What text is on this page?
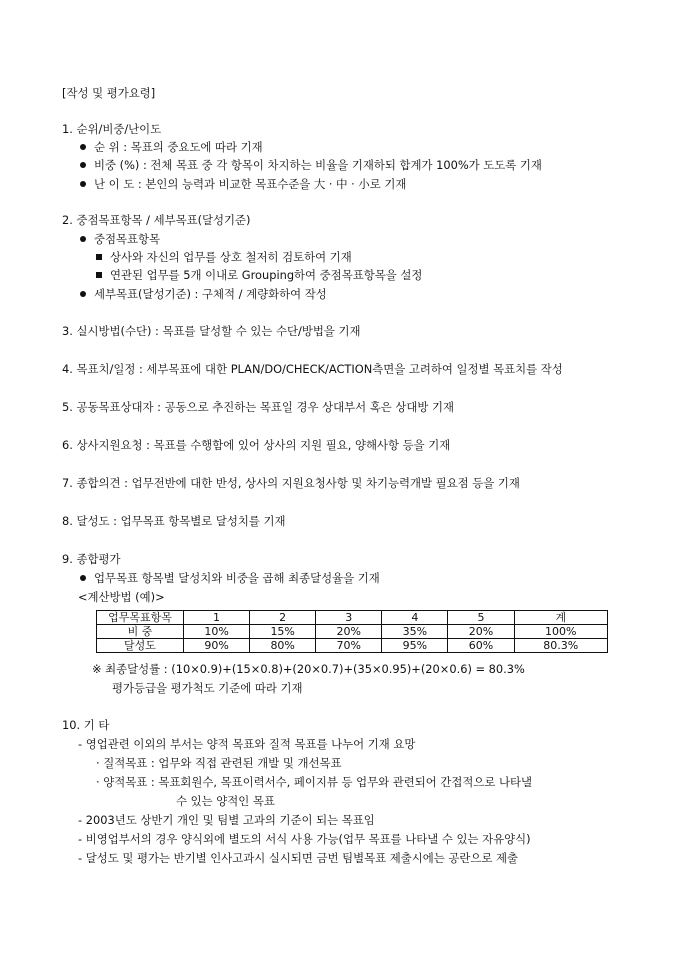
[작성 및 평가요령]
1. 순위/비중/난이도
순 위 : 목표의 중요도에 따라 기재
비중 (%) : 전체 목표 중 각 항목이 차지하는 비율을 기재하되 합계가 100%가 도도록 기재
난 이 도 : 본인의 능력과 비교한 목표수준을 大 · 中 · 小로 기재
2. 중점목표항목 / 세부목표(달성기준)
중점목표항목
상사와 자신의 업무를 상호 철저히 검토하여 기재
연관된 업무를 5개 이내로 Grouping하여 중점목표항목을 설정
세부목표(달성기준) : 구체적 / 계량화하여 작성
3. 실시방법(수단) : 목표를 달성할 수 있는 수단/방법을 기재
4. 목표치/일정 : 세부목표에 대한 PLAN/DO/CHECK/ACTION측면을 고려하여 일정별 목표치를 작성
5. 공동목표상대자 : 공동으로 추진하는 목표일 경우 상대부서 혹은 상대방 기재
6. 상사지원요청 : 목표를 수행함에 있어 상사의 지원 필요, 양해사항 등을 기재
7. 종합의견 : 업무전반에 대한 반성, 상사의 지원요청사항 및 차기능력개발 필요점 등을 기재
8. 달성도 : 업무목표 항목별로 달성치를 기재
9. 종합평가
업무목표 항목별 달성치와 비중을 곱해 최종달성율을 기재
<계산방법 (예)>
업무목표항목	1	2	3	4	5	계
비 중	10%	15%	20%	35%	20%	100%
달성도	90%	80%	70%	95%	60%	80.3%
※ 최종달성률 : (10×0.9)+(15×0.8)+(20×0.7)+(35×0.95)+(20×0.6) = 80.3%
평가등급을 평가척도 기준에 따라 기재
10. 기 타
- 영업관련 이외의 부서는 양적 목표와 질적 목표를 나누어 기재 요망
· 질적목표 : 업무와 직접 관련된 개발 및 개선목표
· 양적목표 : 목표회원수, 목표이력서수, 페이지뷰 등 업무와 관련되어 간접적으로 나타낼
수 있는 양적인 목표
- 2003년도 상반기 개인 및 팀별 고과의 기준이 되는 목표임
- 비영업부서의 경우 양식외에 별도의 서식 사용 가능(업무 목표를 나타낼 수 있는 자유양식)
- 달성도 및 평가는 반기별 인사고과시 실시되면 금번 팀별목표 제출시에는 공란으로 제출
